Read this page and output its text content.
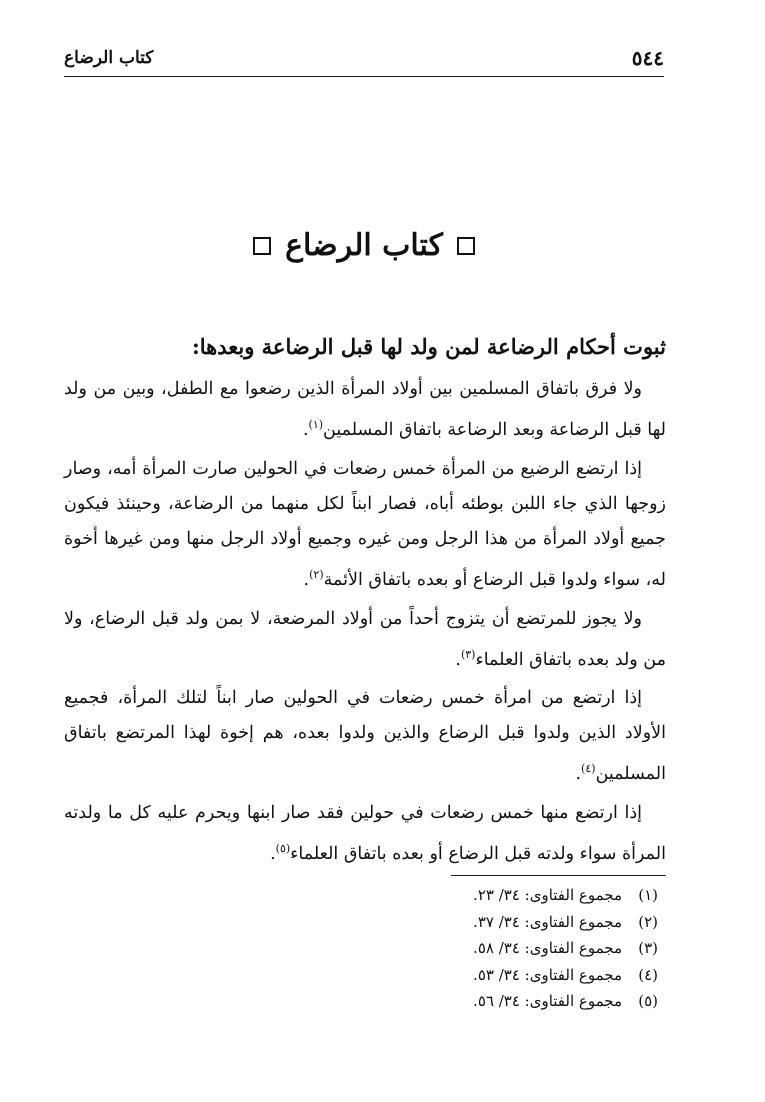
٥٤٤
كتاب الرضاع
كتاب الرضاع
ثبوت أحكام الرضاعة لمن ولد لها قبل الرضاعة وبعدها:

ولا فرق باتفاق المسلمين بين أولاد المرأة الذين رضعوا مع الطفل، وبين من ولد لها قبل الرضاعة وبعد الرضاعة باتفاق المسلمين$^{(١)}$.

إذا ارتضع الرضيع من المرأة خمس رضعات في الحولين صارت المرأة أمه، وصار زوجها الذي جاء اللبن بوطئه أباه، فصار ابناً لكل منهما من الرضاعة، وحينئذ فيكون جميع أولاد المرأة من هذا الرجل ومن غيره وجميع أولاد الرجل منها ومن غيرها أخوة له، سواء ولدوا قبل الرضاع أو بعده باتفاق الأئمة$^{(٢)}$.

ولا يجوز للمرتضع أن يتزوج أحداً من أولاد المرضعة، لا بمن ولد قبل الرضاع، ولا من ولد بعده باتفاق العلماء$^{(٣)}$.

إذا ارتضع من امرأة خمس رضعات في الحولين صار ابناً لتلك المرأة، فجميع الأولاد الذين ولدوا قبل الرضاع والذين ولدوا بعده، هم إخوة لهذا المرتضع باتفاق المسلمين$^{(٤)}$.

إذا ارتضع منها خمس رضعات في حولين فقد صار ابنها ويحرم عليه كل ما ولدته المرأة سواء ولدته قبل الرضاع أو بعده باتفاق العلماء$^{(٥)}$.

(١)مجموع الفتاوى: ٣٤/ ٢٣.
(٢)مجموع الفتاوى: ٣٤/ ٣٧.
(٣)مجموع الفتاوى: ٣٤/ ٥٨.
(٤)مجموع الفتاوى: ٣٤/ ٥٣.
(٥)مجموع الفتاوى: ٣٤/ ٥٦.
